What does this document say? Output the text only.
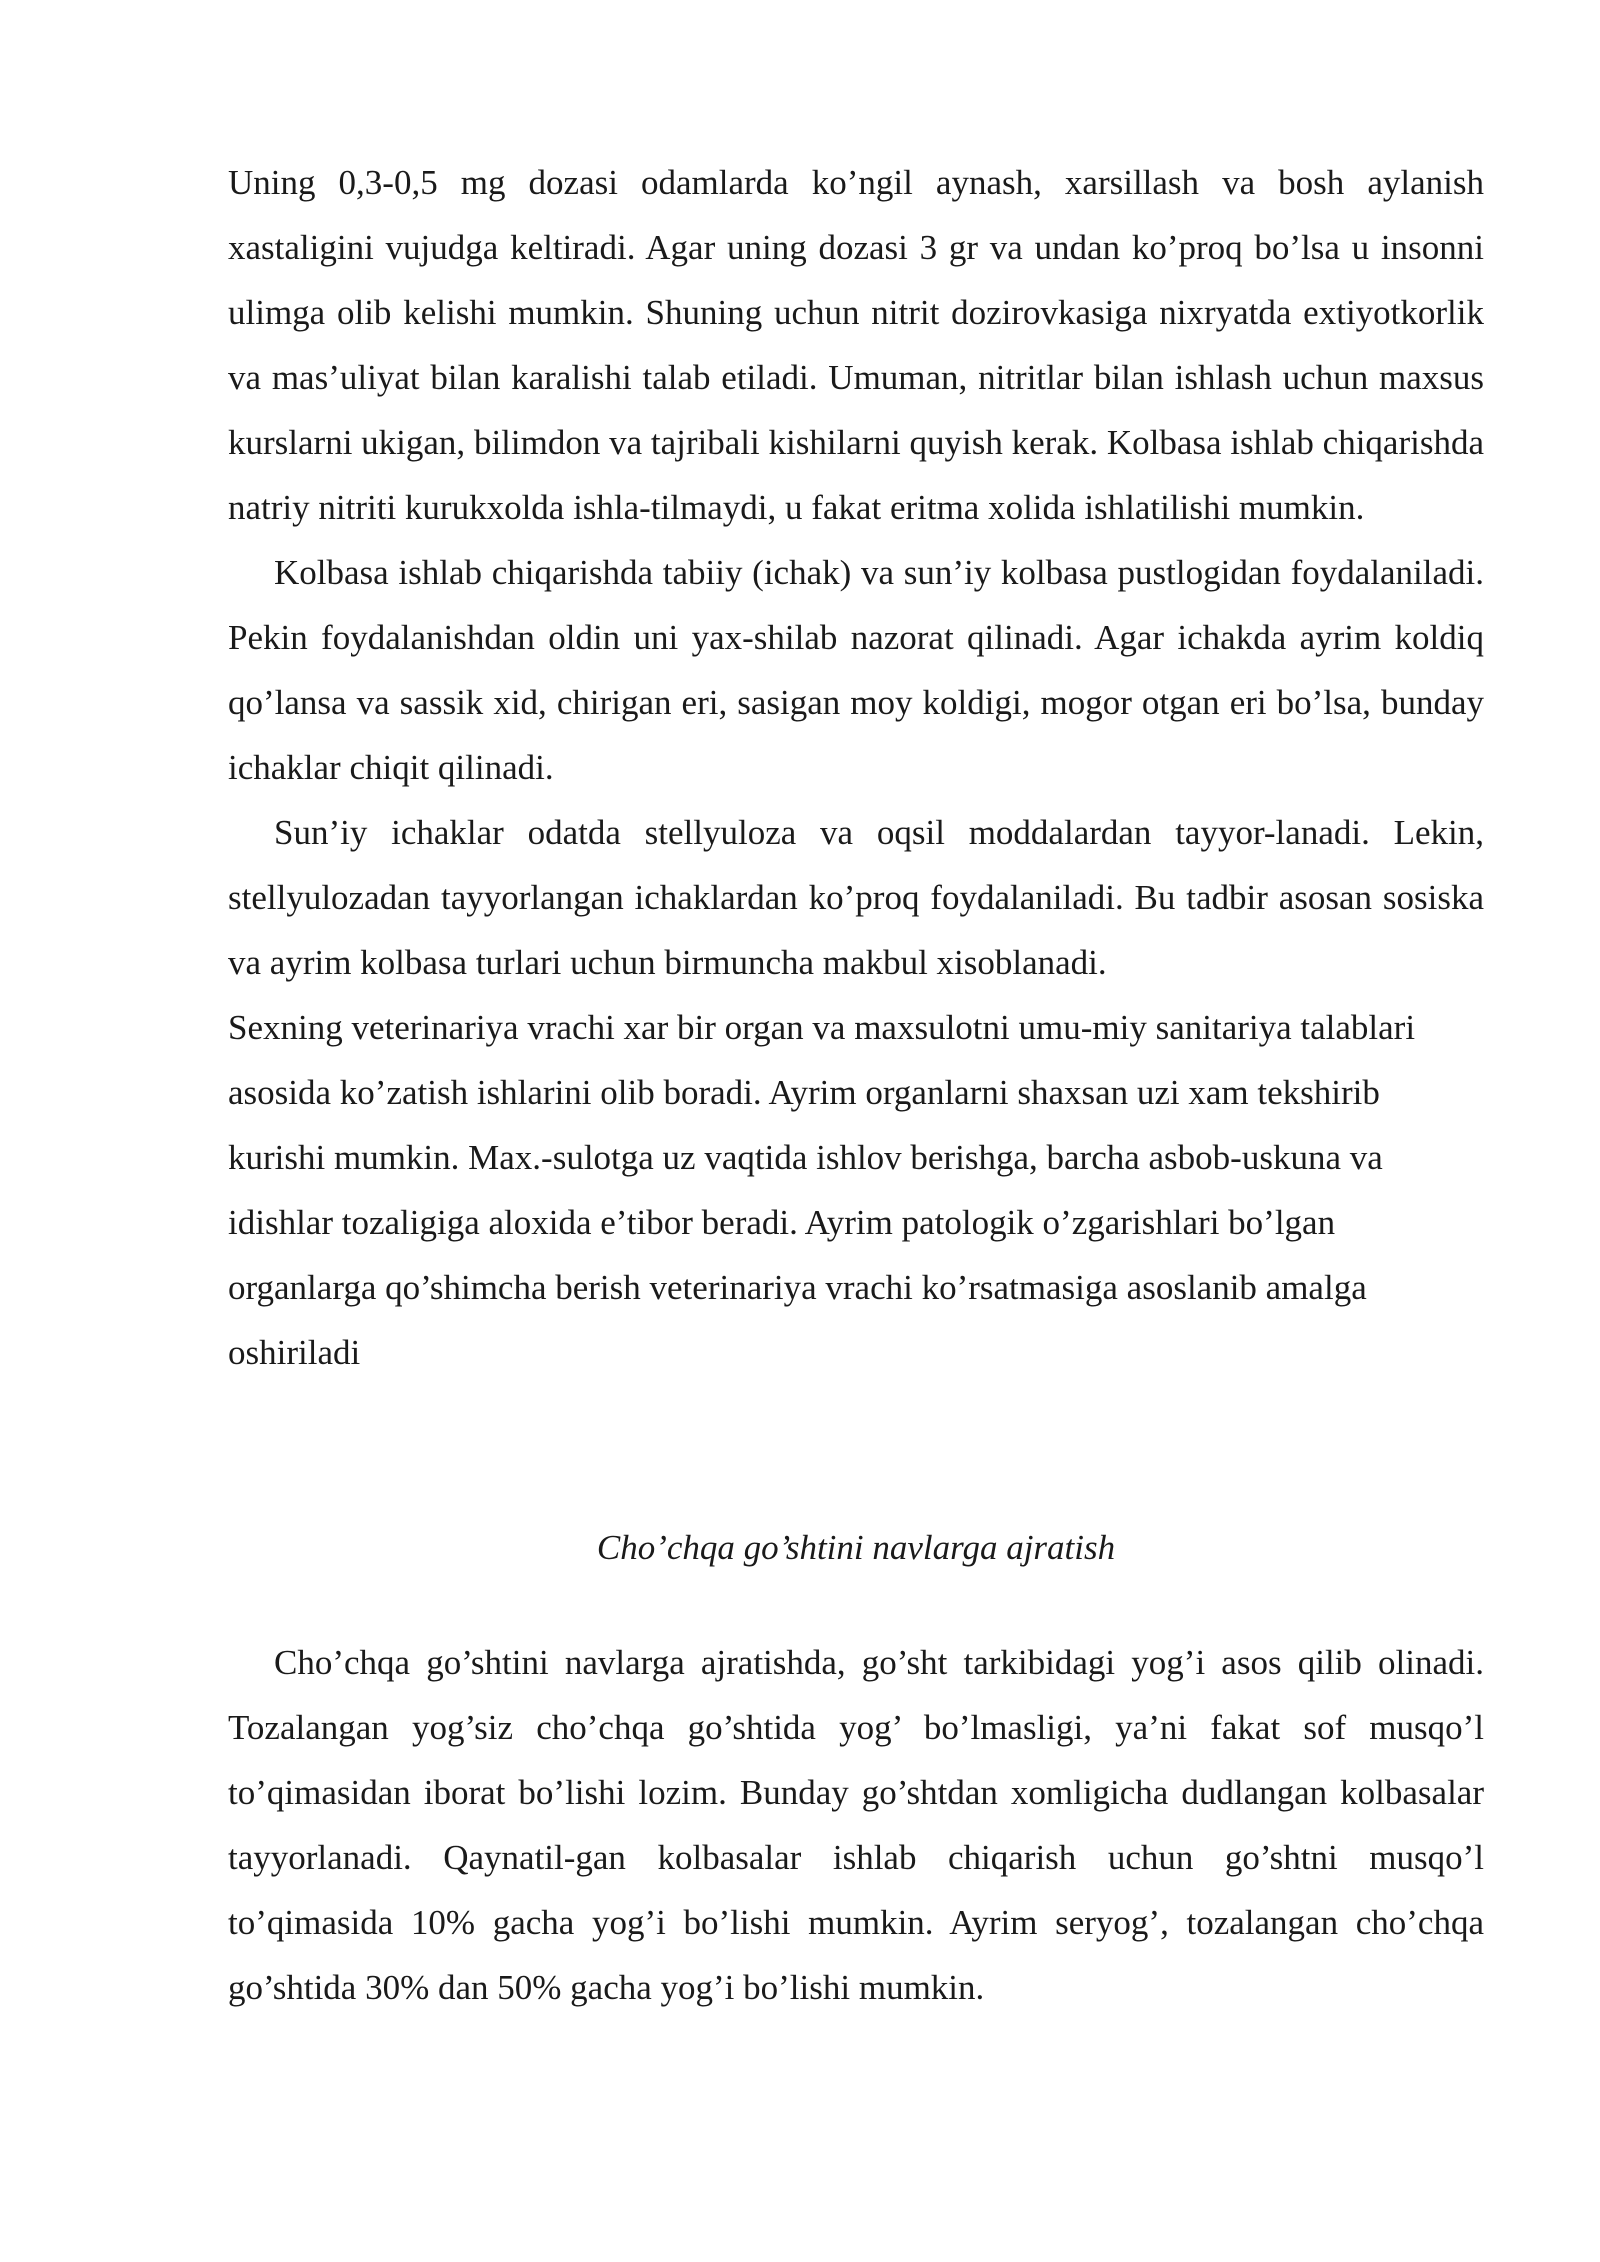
Uning 0,3-0,5 mg dozasi odamlarda ko’ngil aynash, xarsillash va bosh aylanish xastaligini vujudga keltiradi. Agar uning dozasi 3 gr va undan ko’proq bo’lsa u insonni ulimga olib kelishi mumkin. Shuning uchun nitrit dozirovkasiga nixryatda extiyotkorlik va mas’uliyat bilan karalishi talab etiladi. Umuman, nitritlar bilan ishlash uchun maxsus kurslarni ukigan, bilimdon va tajribali kishilarni quyish kerak. Kolbasa ishlab chiqarishda natriy nitriti kurukxolda ishla-tilmaydi, u fakat eritma xolida ishlatilishi mumkin.

Kolbasa ishlab chiqarishda tabiiy (ichak) va sun’iy kolbasa pustlogidan foydalaniladi. Pekin foydalanishdan oldin uni yax-shilab nazorat qilinadi. Agar ichakda ayrim koldiq qo’lansa va sassik xid, chirigan eri, sasigan moy koldigi, mogor otgan eri bo’lsa, bunday ichaklar chiqit qilinadi.

Sun’iy ichaklar odatda stellyuloza va oqsil moddalardan tayyor-lanadi. Lekin, stellyulozadan tayyorlangan ichaklardan ko’proq foydalaniladi. Bu tadbir asosan sosiska va ayrim kolbasa turlari uchun birmuncha makbul xisoblanadi.

Sexning veterinariya vrachi xar bir organ va maxsulotni umu-miy sanitariya talablari asosida ko’zatish ishlarini olib boradi. Ayrim organlarni shaxsan uzi xam tekshirib kurishi mumkin. Max.-sulotga uz vaqtida ishlov berishga, barcha asbob-uskuna va idishlar tozaligiga aloxida e’tibor beradi. Ayrim patologik o’zgarishlari bo’lgan organlarga qo’shimcha berish veterinariya vrachi ko’rsatmasiga asoslanib amalga oshiriladi

Cho’chqa go’shtini navlarga ajratish

Cho’chqa go’shtini navlarga ajratishda, go’sht tarkibidagi yog’i asos qilib olinadi. Tozalangan yog’siz cho’chqa go’shtida yog’ bo’lmasligi, ya’ni fakat sof musqo’l to’qimasidan iborat bo’lishi lozim. Bunday go’shtdan xomligicha dudlangan kolbasalar tayyorlanadi. Qaynatil-gan kolbasalar ishlab chiqarish uchun go’shtni musqo’l to’qimasida 10% gacha yog’i bo’lishi mumkin. Ayrim seryog’, tozalangan cho’chqa go’shtida 30% dan 50% gacha yog’i bo’lishi mumkin.
